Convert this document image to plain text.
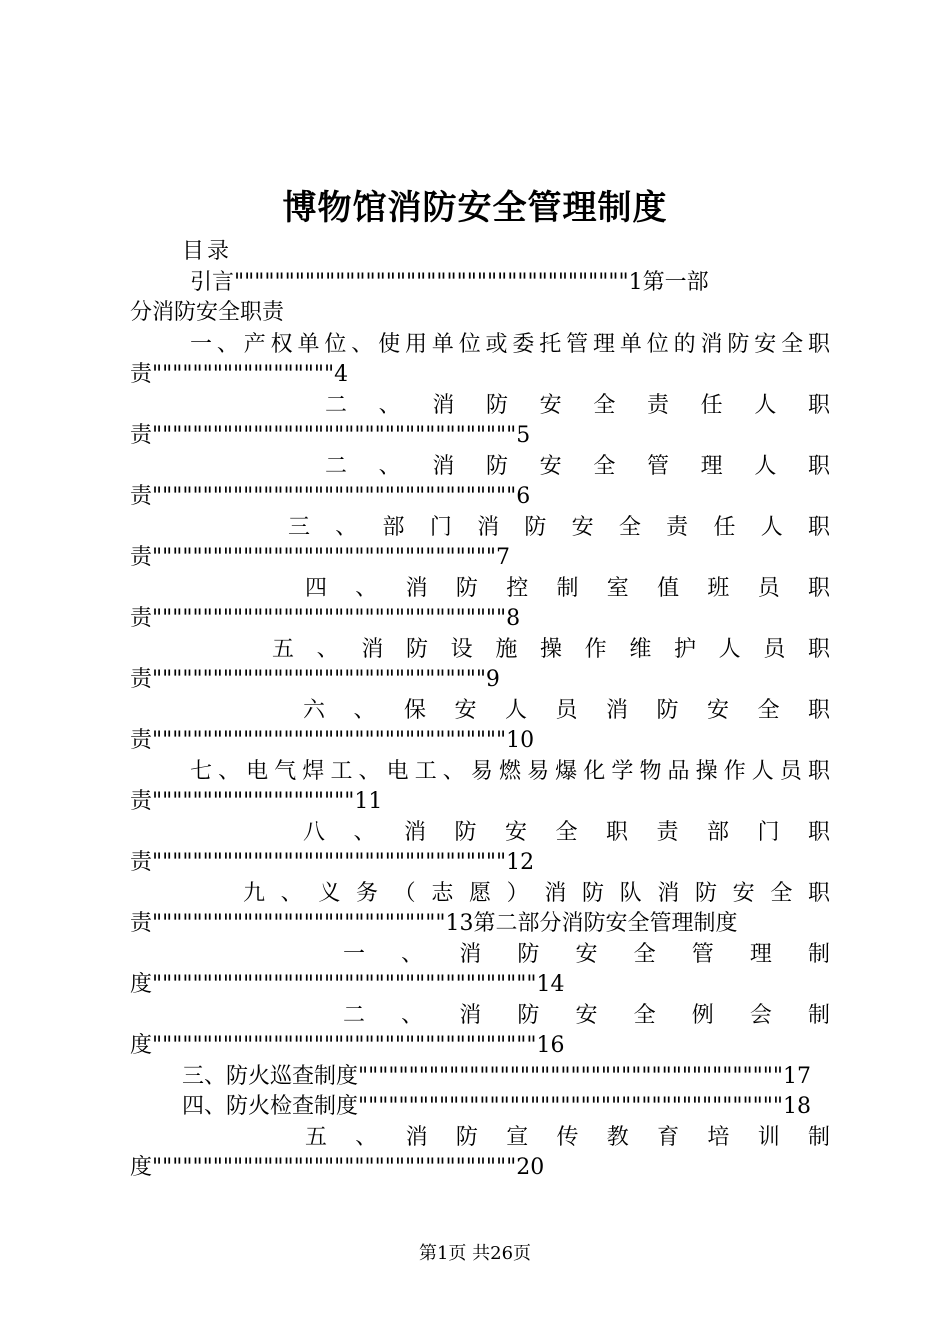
博物馆消防安全管理制度
目录
引言"""""""""""""""""""""""""""""""""""""""1第一部
分消防安全职责
一、产权单位、使用单位或委托管理单位的消防安全职
责""""""""""""""""""4
二 、 消 防 安 全 责 任 人 职
责""""""""""""""""""""""""""""""""""""5
二 、 消 防 安 全 管 理 人 职
责""""""""""""""""""""""""""""""""""""6
三 、 部 门 消 防 安 全 责 任 人 职
责""""""""""""""""""""""""""""""""""7
四 、 消 防 控 制 室 值 班 员 职
责"""""""""""""""""""""""""""""""""""8
五 、 消 防 设 施 操 作 维 护 人 员 职
责"""""""""""""""""""""""""""""""""9
六 、 保 安 人 员 消 防 安 全 职
责"""""""""""""""""""""""""""""""""""10
七、电气焊工、电工、易燃易爆化学物品操作人员职
责""""""""""""""""""""11
八 、 消 防 安 全 职 责 部 门 职
责"""""""""""""""""""""""""""""""""""12
九 、 义 务 （ 志 愿 ） 消 防 队 消 防 安 全 职
责"""""""""""""""""""""""""""""13第二部分消防安全管理制度
一 、 消 防 安 全 管 理 制
度""""""""""""""""""""""""""""""""""""""14
二 、 消 防 安 全 例 会 制
度""""""""""""""""""""""""""""""""""""""16
三、防火巡查制度""""""""""""""""""""""""""""""""""""""""""17
四、防火检查制度""""""""""""""""""""""""""""""""""""""""""18
五 、 消 防 宣 传 教 育 培 训 制
度""""""""""""""""""""""""""""""""""""20
第1页 共26页
